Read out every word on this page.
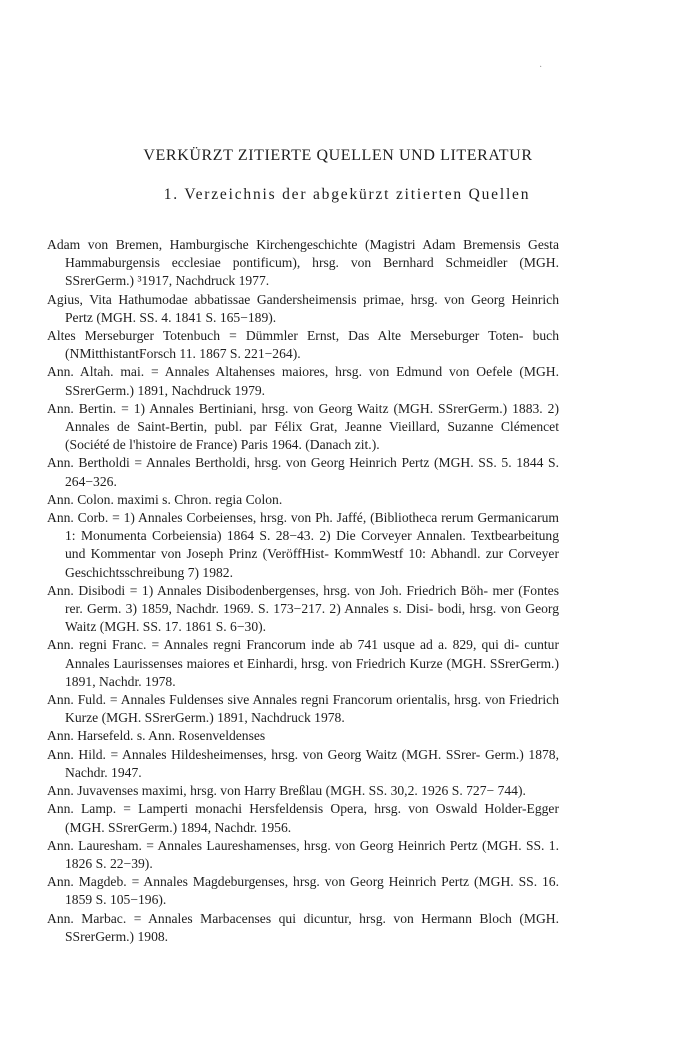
·
VERKÜRZT ZITIERTE QUELLEN UND LITERATUR
1. Verzeichnis der abgekürzt zitierten Quellen

Adam von Bremen, Hamburgische Kirchengeschichte (Magistri Adam Bremensis Gesta Hammaburgensis ecclesiae pontificum), hrsg. von Bernhard Schmeidler (MGH. SSrerGerm.) ³1917, Nachdruck 1977.

Agius, Vita Hathumodae abbatissae Gandersheimensis primae, hrsg. von Georg Heinrich Pertz (MGH. SS. 4. 1841 S. 165−189).

Altes Merseburger Totenbuch = Dümmler Ernst, Das Alte Merseburger Toten- buch (NMitthistantForsch 11. 1867 S. 221−264).

Ann. Altah. mai. = Annales Altahenses maiores, hrsg. von Edmund von Oefele (MGH. SSrerGerm.) 1891, Nachdruck 1979.

Ann. Bertin. = 1) Annales Bertiniani, hrsg. von Georg Waitz (MGH. SSrerGerm.) 1883. 2) Annales de Saint-Bertin, publ. par Félix Grat, Jeanne Vieillard, Suzanne Clémencet (Société de l'histoire de France) Paris 1964. (Danach zit.).

Ann. Bertholdi = Annales Bertholdi, hrsg. von Georg Heinrich Pertz (MGH. SS. 5. 1844 S. 264−326.

Ann. Colon. maximi s. Chron. regia Colon.

Ann. Corb. = 1) Annales Corbeienses, hrsg. von Ph. Jaffé, (Bibliotheca rerum Germanicarum 1: Monumenta Corbeiensia) 1864 S. 28−43. 2) Die Corveyer Annalen. Textbearbeitung und Kommentar von Joseph Prinz (VeröffHist- KommWestf 10: Abhandl. zur Corveyer Geschichtsschreibung 7) 1982.

Ann. Disibodi = 1) Annales Disibodenbergenses, hrsg. von Joh. Friedrich Böh- mer (Fontes rer. Germ. 3) 1859, Nachdr. 1969. S. 173−217. 2) Annales s. Disi- bodi, hrsg. von Georg Waitz (MGH. SS. 17. 1861 S. 6−30).

Ann. regni Franc. = Annales regni Francorum inde ab 741 usque ad a. 829, qui di- cuntur Annales Laurissenses maiores et Einhardi, hrsg. von Friedrich Kurze (MGH. SSrerGerm.) 1891, Nachdr. 1978.

Ann. Fuld. = Annales Fuldenses sive Annales regni Francorum orientalis, hrsg. von Friedrich Kurze (MGH. SSrerGerm.) 1891, Nachdruck 1978.

Ann. Harsefeld. s. Ann. Rosenveldenses

Ann. Hild. = Annales Hildesheimenses, hrsg. von Georg Waitz (MGH. SSrer- Germ.) 1878, Nachdr. 1947.

Ann. Juvavenses maximi, hrsg. von Harry Breßlau (MGH. SS. 30,2. 1926 S. 727− 744).

Ann. Lamp. = Lamperti monachi Hersfeldensis Opera, hrsg. von Oswald Holder-Egger (MGH. SSrerGerm.) 1894, Nachdr. 1956.

Ann. Lauresham. = Annales Laureshamenses, hrsg. von Georg Heinrich Pertz (MGH. SS. 1. 1826 S. 22−39).

Ann. Magdeb. = Annales Magdeburgenses, hrsg. von Georg Heinrich Pertz (MGH. SS. 16. 1859 S. 105−196).

Ann. Marbac. = Annales Marbacenses qui dicuntur, hrsg. von Hermann Bloch (MGH. SSrerGerm.) 1908.
